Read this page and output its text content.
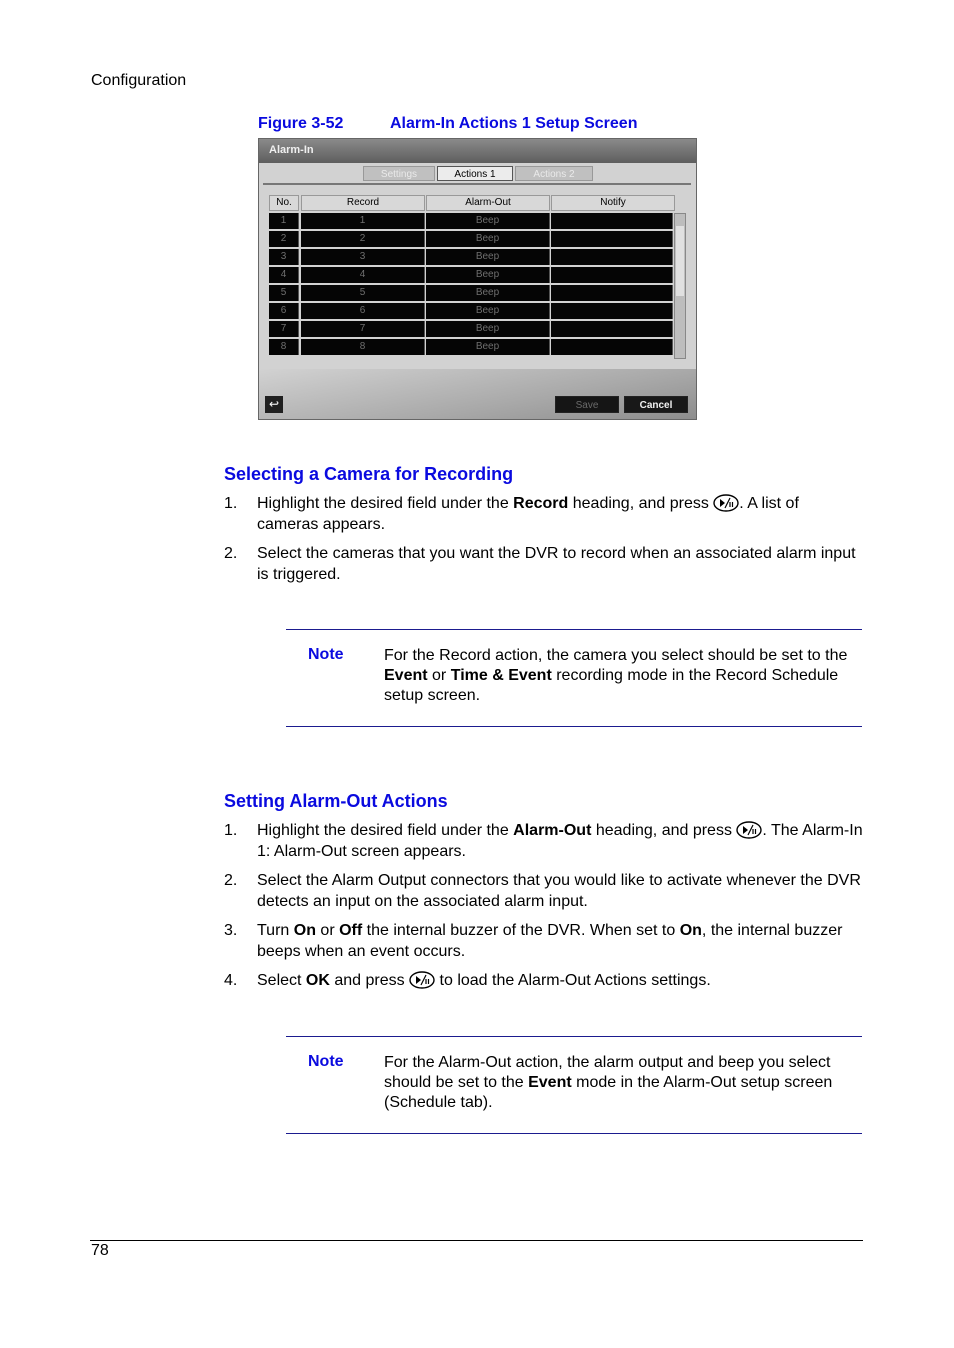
Configuration
Figure 3-52	Alarm-In Actions 1 Setup Screen
Alarm-In
Settings	Actions 1	Actions 2
No.	Record	Alarm-Out	Notify
1	1	Beep
2	2	Beep
3	3	Beep
4	4	Beep
5	5	Beep
6	6	Beep
7	7	Beep
8	8	Beep
↩	Save	Cancel
Selecting a Camera for Recording
1. Highlight the desired field under the Record heading, and press . A list of cameras appears.
2. Select the cameras that you want the DVR to record when an associated alarm input is triggered.
Note	For the Record action, the camera you select should be set to the Event or Time & Event recording mode in the Record Schedule setup screen.
Setting Alarm-Out Actions
1. Highlight the desired field under the Alarm-Out heading, and press . The Alarm-In 1: Alarm-Out screen appears.
2. Select the Alarm Output connectors that you would like to activate whenever the DVR detects an input on the associated alarm input.
3. Turn On or Off the internal buzzer of the DVR. When set to On, the internal buzzer beeps when an event occurs.
4. Select OK and press  to load the Alarm-Out Actions settings.
Note	For the Alarm-Out action, the alarm output and beep you select should be set to the Event mode in the Alarm-Out setup screen (Schedule tab).
78
